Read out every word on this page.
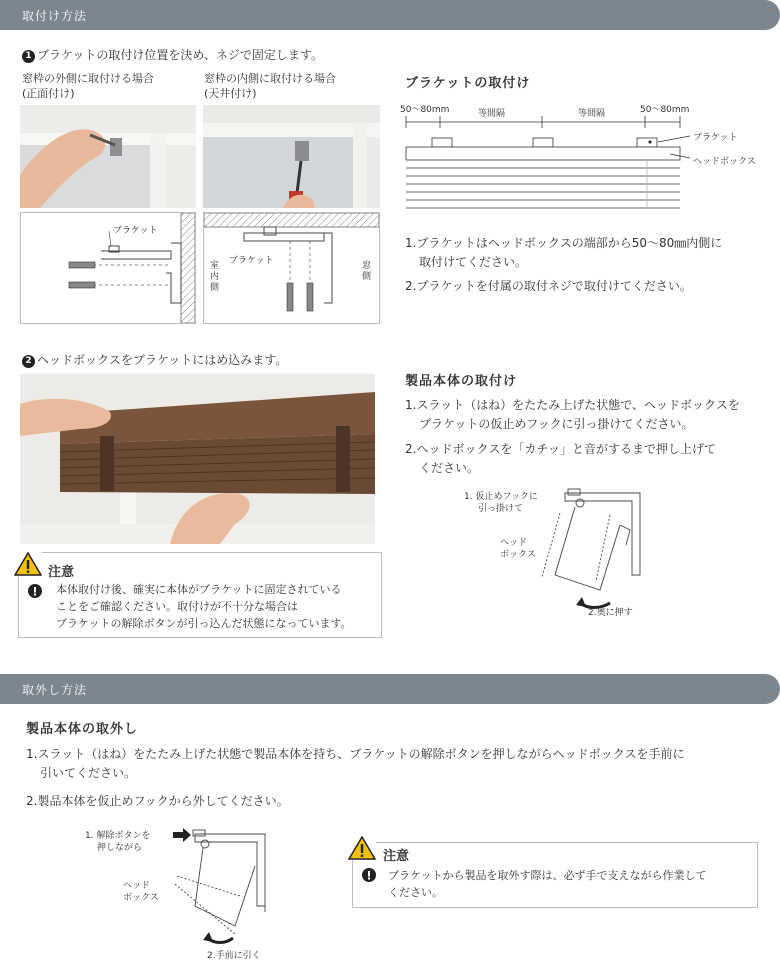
取付け方法
1 ブラケットの取付け位置を決め、ネジで固定します。
窓枠の外側に取付ける場合
(正面付け)
窓枠の内側に取付ける場合
(天井付け)
ブラケット
ブラケット
室内側
窓側
ブラケットの取付け
50～80mm	等間隔	等間隔	50～80mm
ブラケット
ヘッドボックス
1.ブラケットはヘッドボックスの端部から50～80㎜内側に
取付けてください。
2.ブラケットを付属の取付ネジで取付けてください。
2 ヘッドボックスをブラケットにはめ込みます。
注意
本体取付け後、確実に本体がブラケットに固定されている
ことをご確認ください。取付けが不十分な場合は
ブラケットの解除ボタンが引っ込んだ状態になっています。
製品本体の取付け
1.スラット（はね）をたたみ上げた状態で、ヘッドボックスを
ブラケットの仮止めフックに引っ掛けてください。
2.ヘッドボックスを「カチッ」と音がするまで押し上げて
ください。
1. 仮止めフックに
引っ掛けて
ヘッド
ボックス
2.奥に押す
取外し方法
製品本体の取外し
1.スラット（はね）をたたみ上げた状態で製品本体を持ち、ブラケットの解除ボタンを押しながらヘッドボックスを手前に
引いてください。
2.製品本体を仮止めフックから外してください。
1. 解除ボタンを
押しながら
ヘッド
ボックス
2.手前に引く
注意
ブラケットから製品を取外す際は、必ず手で支えながら作業して
ください。
